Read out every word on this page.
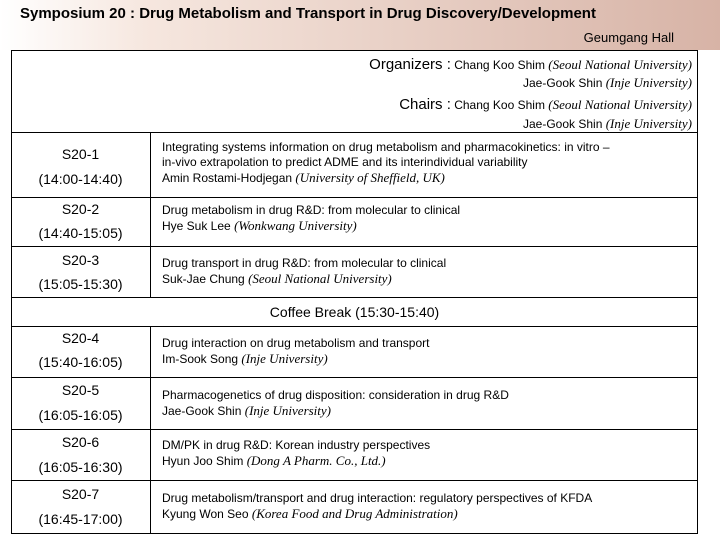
Symposium 20 : Drug Metabolism and Transport in Drug Discovery/Development
Geumgang Hall
Organizers : Chang Koo Shim (Seoul National University)
Jae-Gook Shin (Inje University)
Chairs : Chang Koo Shim (Seoul National University)
Jae-Gook Shin (Inje University)
S20-1
(14:00-14:40)
Integrating systems information on drug metabolism and pharmacokinetics: in vitro –
in-vivo extrapolation to predict ADME and its interindividual variability
Amin Rostami-Hodjegan (University of Sheffield, UK)
S20-2
(14:40-15:05)
Drug metabolism in drug R&D: from molecular to clinical
Hye Suk Lee (Wonkwang University)
S20-3
(15:05-15:30)
Drug transport in drug R&D: from molecular to clinical
Suk-Jae Chung (Seoul National University)
Coffee Break (15:30-15:40)
S20-4
(15:40-16:05)
Drug interaction on drug metabolism and transport
Im-Sook Song (Inje University)
S20-5
(16:05-16:05)
Pharmacogenetics of drug disposition: consideration in drug R&D
Jae-Gook Shin (Inje University)
S20-6
(16:05-16:30)
DM/PK in drug R&D: Korean industry perspectives
Hyun Joo Shim (Dong A Pharm. Co., Ltd.)
S20-7
(16:45-17:00)
Drug metabolism/transport and drug interaction: regulatory perspectives of KFDA
Kyung Won Seo (Korea Food and Drug Administration)
